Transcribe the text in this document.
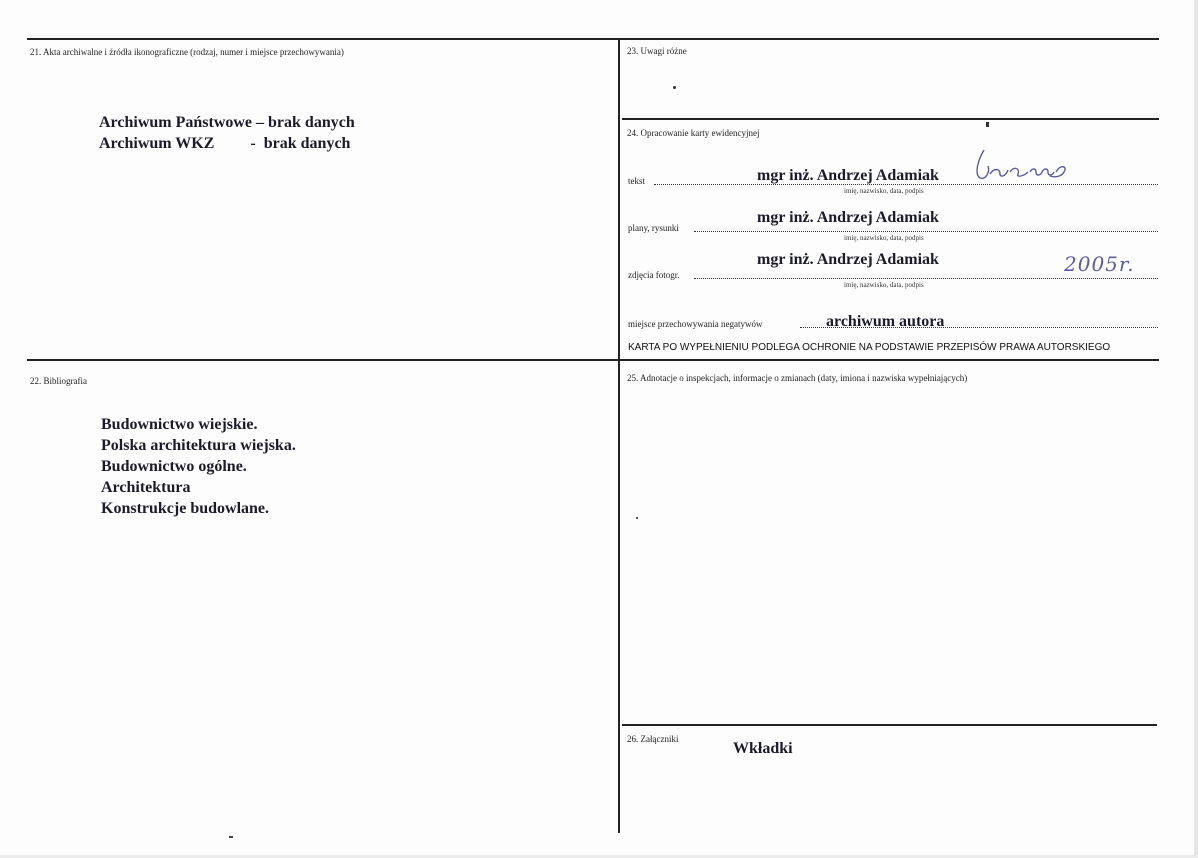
21. Akta archiwalne i źródła ikonograficzne (rodzaj, numer i miejsce przechowywania)
Archiwum Państwowe – brak danych
Archiwum WKZ         -  brak danych
22. Bibliografia
Budownictwo wiejskie.
Polska architektura wiejska.
Budownictwo ogólne.
Architektura
Konstrukcje budowlane.
23. Uwagi różne
24. Opracowanie karty ewidencyjnej
tekst	mgr inż. Andrzej Adamiak
imię, nazwisko, data, podpis
plany, rysunki
mgr inż. Andrzej Adamiak
imię, nazwisko, data, podpis
zdjęcia fotogr.
mgr inż. Andrzej Adamiak
imię, nazwisko, data, podpis
2005r.
miejsce przechowywania negatywów	archiwum autora
KARTA PO WYPEŁNIENIU PODLEGA OCHRONIE NA PODSTAWIE PRZEPISÓW PRAWA AUTORSKIEGO
25. Adnotacje o inspekcjach, informacje o zmianach (daty, imiona i nazwiska wypełniających)
26. Załączniki
Wkładki
